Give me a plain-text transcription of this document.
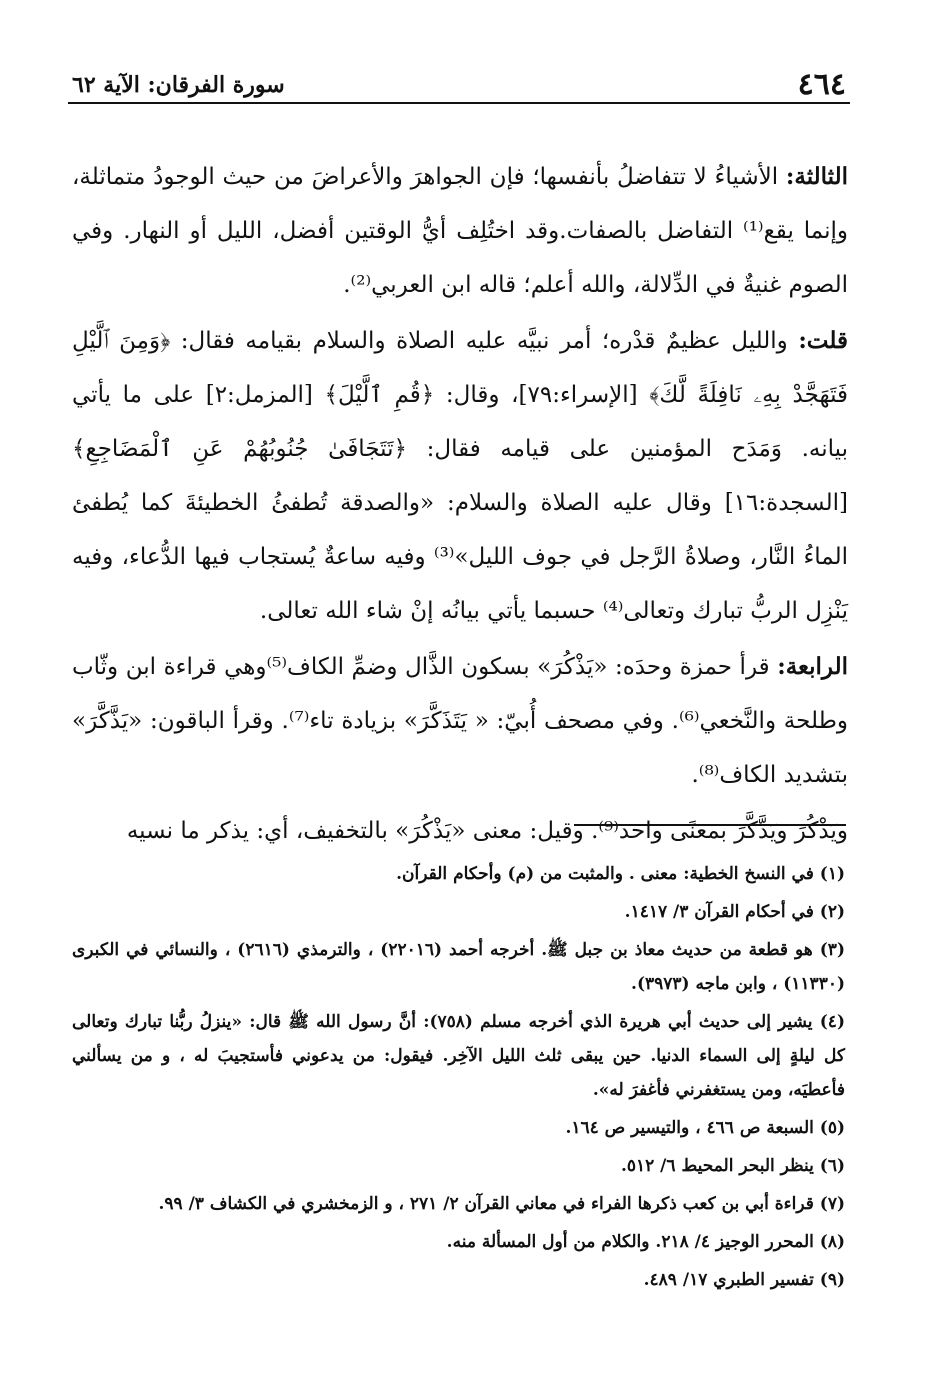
٤٦٤
سورة الفرقان: الآية ٦٢

الثالثة: الأشياءُ لا تتفاضلُ بأنفسها؛ فإن الجواهرَ والأعراضَ من حيث الوجودُ متماثلة، وإنما يقع⁽¹⁾ التفاضل بالصفات.وقد اختُلِف أيُّ الوقتين أفضل، الليل أو النهار. وفي الصوم غنيةٌ في الدِّلالة، والله أعلم؛ قاله ابن العربي⁽²⁾.

قلت: والليل عظيمٌ قدْره؛ أمر نبيَّه عليه الصلاة والسلام بقيامه فقال: ﴿وَمِنَ ٱلَّيْلِ فَتَهَجَّدْ بِهِۦ نَافِلَةً لَّكَ﴾ [الإسراء:٧٩]، وقال: ﴿قُمِ ٱلَّيْلَ﴾ [المزمل:٢] على ما يأتي بيانه. وَمَدَح المؤمنين على قيامه فقال: ﴿تَتَجَافَىٰ جُنُوبُهُمْ عَنِ ٱلْمَضَاجِعِ﴾ [السجدة:١٦] وقال عليه الصلاة والسلام: «والصدقة تُطفئُ الخطيئةَ كما يُطفئ الماءُ النَّار، وصلاةُ الرَّجل في جوف الليل»⁽³⁾ وفيه ساعةٌ يُستجاب فيها الدُّعاء، وفيه يَنْزِل الربُّ تبارك وتعالى⁽⁴⁾ حسبما يأتي بيانُه إنْ شاء الله تعالى.

الرابعة: قرأ حمزة وحدَه: «يَذْكُرَ» بسكون الذَّال وضمِّ الكاف⁽⁵⁾وهي قراءة ابن وثّاب وطلحة والنَّخعي⁽⁶⁾. وفي مصحف أُبيّ: « يَتَذَكَّرَ» بزيادة تاء⁽⁷⁾. وقرأ الباقون: «يَذَّكَّرَ» بتشديد الكاف⁽⁸⁾.

ويَذْكُرَ ويَذَّكَّرَ بمعنًى واحد⁽⁹⁾. وقيل: معنى «يَذْكُرَ» بالتخفيف، أي: يذكر ما نسيه

(١) في النسخ الخطية: معنى . والمثبت من (م) وأحكام القرآن.

(٢) في أحكام القرآن ٣/ ١٤١٧.

(٣) هو قطعة من حديث معاذ بن جبل ﷺ. أخرجه أحمد (٢٢٠١٦) ، والترمذي (٢٦١٦) ، والنسائي في الكبرى (١١٣٣٠) ، وابن ماجه (٣٩٧٣).

(٤) يشير إلى حديث أبي هريرة الذي أخرجه مسلم (٧٥٨): أنَّ رسول الله ﷺ قال: «ينزلُ ربُّنا تبارك وتعالى كل ليلةٍ إلى السماء الدنيا. حين يبقى ثلث الليل الآخِر. فيقول: من يدعوني فأستجيبَ له ، و من يسألني فأعطيَه، ومن يستغفرني فأغفرَ له».

(٥) السبعة ص ٤٦٦ ، والتيسير ص ١٦٤.

(٦) ينظر البحر المحيط ٦/ ٥١٢.

(٧) قراءة أبي بن كعب ذكرها الفراء في معاني القرآن ٢/ ٢٧١ ، و الزمخشري في الكشاف ٣/ ٩٩.

(٨) المحرر الوجيز ٤/ ٢١٨. والكلام من أول المسألة منه.

(٩) تفسير الطبري ١٧/ ٤٨٩.
